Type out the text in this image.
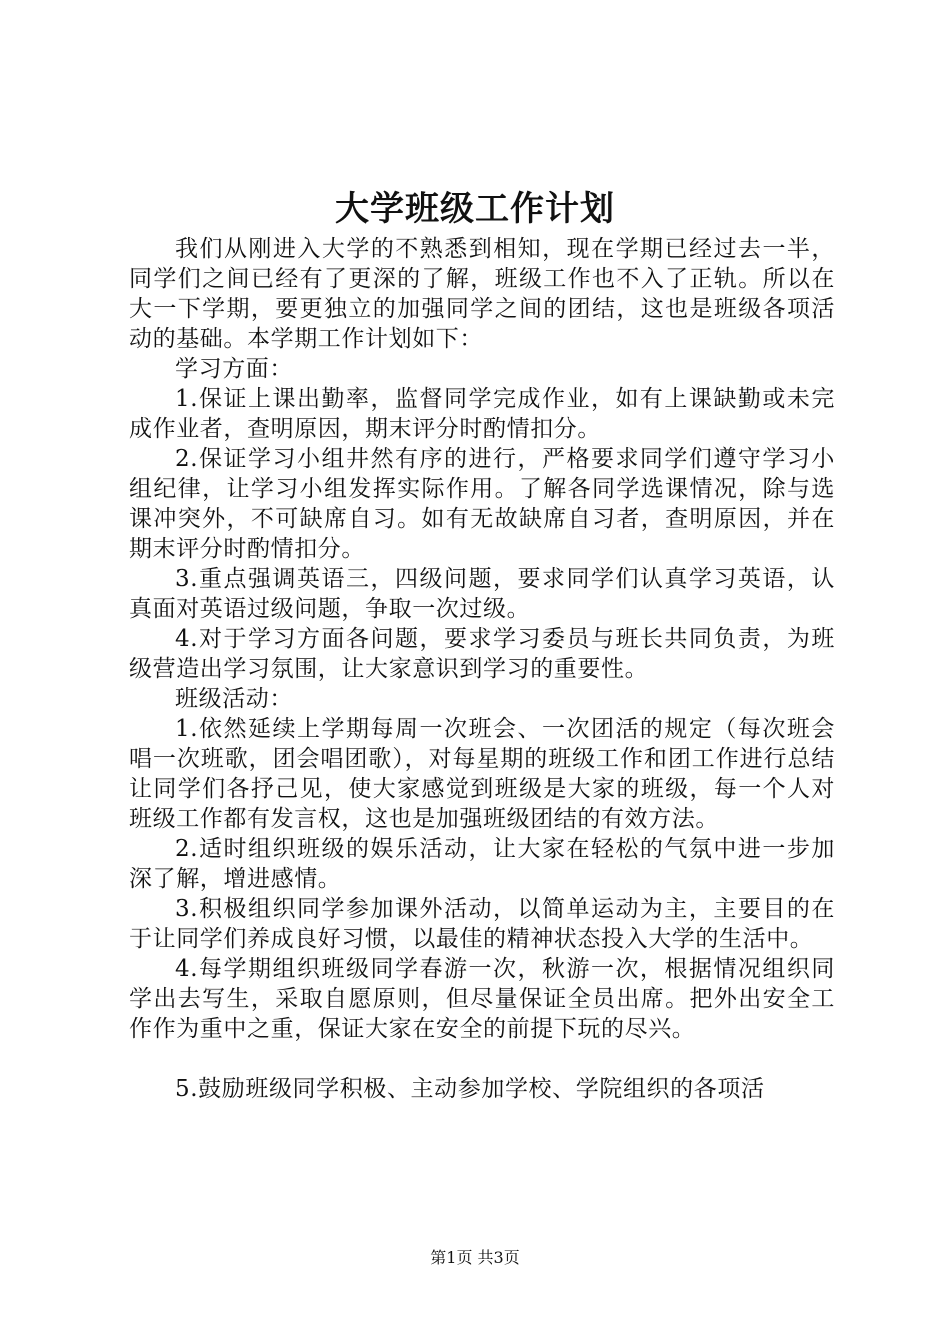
大学班级工作计划

我们从刚进入大学的不熟悉到相知，现在学期已经过去一半，同学们之间已经有了更深的了解，班级工作也不入了正轨。所以在大一下学期，要更独立的加强同学之间的团结，这也是班级各项活动的基础。本学期工作计划如下：

学习方面：

1.保证上课出勤率，监督同学完成作业，如有上课缺勤或未完成作业者，查明原因，期末评分时酌情扣分。

2.保证学习小组井然有序的进行，严格要求同学们遵守学习小组纪律，让学习小组发挥实际作用。了解各同学选课情况，除与选课冲突外，不可缺席自习。如有无故缺席自习者，查明原因，并在期末评分时酌情扣分。

3.重点强调英语三，四级问题，要求同学们认真学习英语，认真面对英语过级问题，争取一次过级。

4.对于学习方面各问题，要求学习委员与班长共同负责，为班级营造出学习氛围，让大家意识到学习的重要性。

班级活动：

1.依然延续上学期每周一次班会、一次团活的规定（每次班会唱一次班歌，团会唱团歌），对每星期的班级工作和团工作进行总结让同学们各抒己见，使大家感觉到班级是大家的班级，每一个人对班级工作都有发言权，这也是加强班级团结的有效方法。

2.适时组织班级的娱乐活动，让大家在轻松的气氛中进一步加深了解，增进感情。

3.积极组织同学参加课外活动，以简单运动为主，主要目的在于让同学们养成良好习惯，以最佳的精神状态投入大学的生活中。

4.每学期组织班级同学春游一次，秋游一次，根据情况组织同学出去写生，采取自愿原则，但尽量保证全员出席。把外出安全工作作为重中之重，保证大家在安全的前提下玩的尽兴。

5.鼓励班级同学积极、主动参加学校、学院组织的各项活

第1页 共3页
